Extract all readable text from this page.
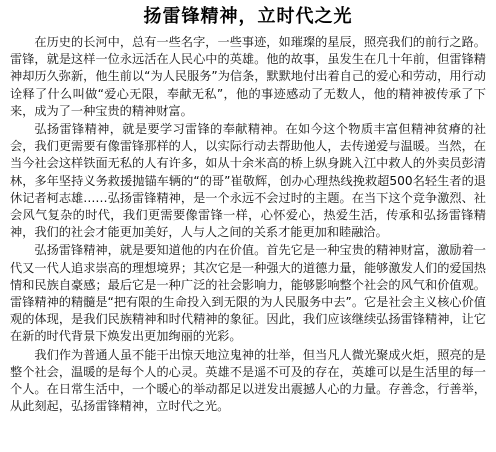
扬雷锋精神，立时代之光

在历史的长河中，总有一些名字，一些事迹，如璀璨的星辰，照亮我们的前行之路。雷锋，就是这样一位永远活在人民心中的英雄。他的故事，虽发生在几十年前，但雷锋精神却历久弥新，他生前以“为人民服务”为信条，默默地付出着自己的爱心和劳动，用行动诠释了什么叫做“爱心无限，奉献无私”，他的事迹感动了无数人，他的精神被传承了下来，成为了一种宝贵的精神财富。

弘扬雷锋精神，就是要学习雷锋的奉献精神。在如今这个物质丰富但精神贫瘠的社会，我们更需要有像雷锋那样的人，以实际行动去帮助他人，去传递爱与温暖。当然，在当今社会这样铁面无私的人有许多，如从十余米高的桥上纵身跳入江中救人的外卖员彭清林，多年坚持义务救援抛锚车辆的“的哥”崔敬辉，创办心理热线挽救超500名轻生者的退休记者柯志雄……弘扬雷锋精神，是一个永远不会过时的主题。在当下这个竞争激烈、社会风气复杂的时代，我们更需要像雷锋一样，心怀爱心，热爱生活，传承和弘扬雷锋精神，我们的社会才能更加美好，人与人之间的关系才能更加和睦融洽。

弘扬雷锋精神，就是要知道他的内在价值。首先它是一种宝贵的精神财富，激励着一代又一代人追求崇高的理想境界；其次它是一种强大的道德力量，能够激发人们的爱国热情和民族自豪感；最后它是一种广泛的社会影响力，能够影响整个社会的风气和价值观。雷锋精神的精髓是“把有限的生命投入到无限的为人民服务中去”。它是社会主义核心价值观的体现，是我们民族精神和时代精神的象征。因此，我们应该继续弘扬雷锋精神，让它在新的时代背景下焕发出更加绚丽的光彩。

我们作为普通人虽不能干出惊天地泣鬼神的壮举，但当凡人微光聚成火炬，照亮的是整个社会，温暖的是每个人的心灵。英雄不是遥不可及的存在，英雄可以是生活里的每一个人。在日常生活中，一个暖心的举动都足以迸发出震撼人心的力量。存善念，行善举，从此刻起，弘扬雷锋精神，立时代之光。
